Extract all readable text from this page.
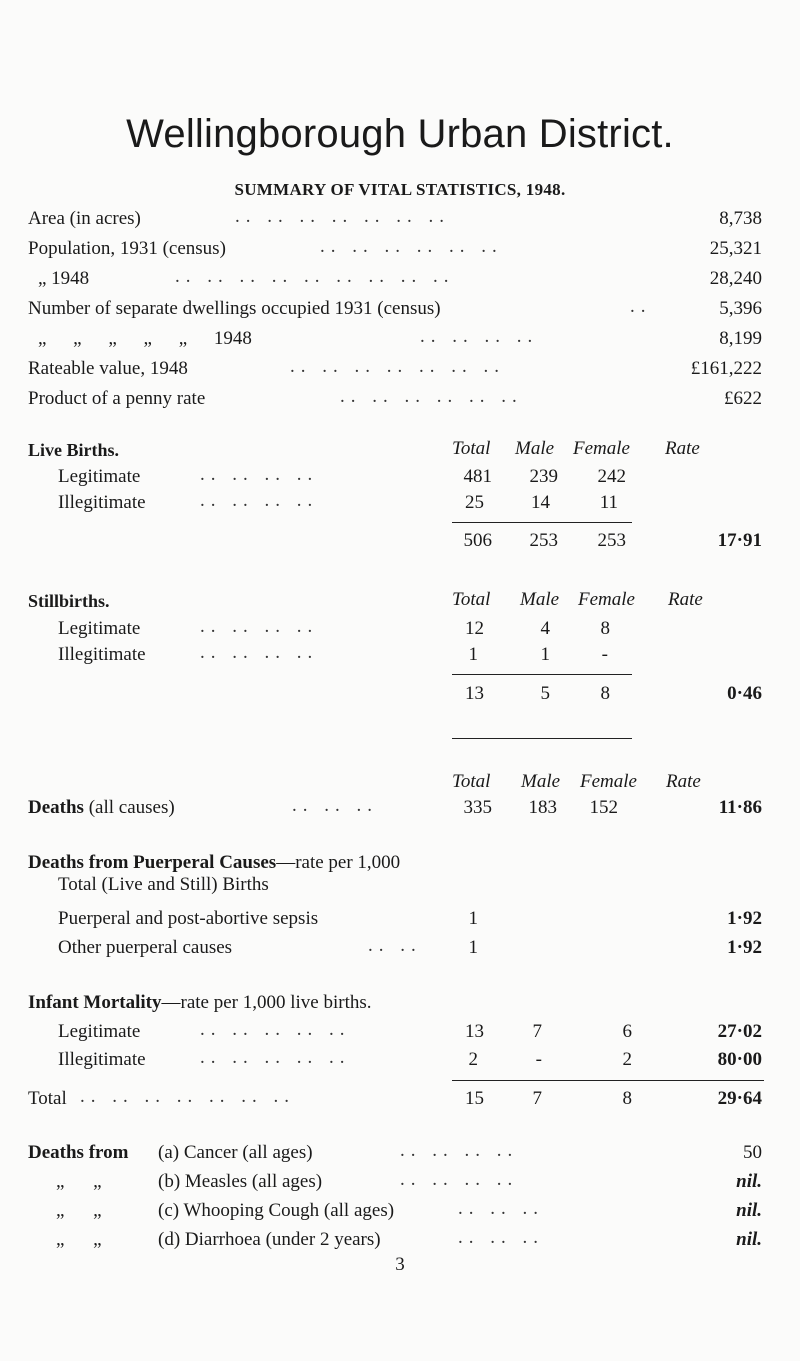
Wellingborough Urban District.
SUMMARY OF VITAL STATISTICS, 1948.
Area (in acres)	.. .. .. .. .. .. ..	8,738
Population, 1931 (census)	.. .. .. .. .. ..	25,321
„ 1948	.. .. .. .. .. .. .. .. ..	28,240
Number of separate dwellings occupied 1931 (census)	..	5,396
„ „ „ „ „ 1948	.. .. .. ..	8,199
Rateable value, 1948	.. .. .. .. .. .. ..	£161,222
Product of a penny rate	.. .. .. .. .. ..	£622
Live Births.	Total Male Female Rate
Legitimate	.. .. .. ..	481 239 242
Illegitimate	.. .. .. ..	25 14	11
506 253 253	17·91
Stillbirths.	Total Male Female Rate
Legitimate	.. .. .. ..	12	4	8
Illegitimate	.. .. .. ..	1	1	-
13	5	8	0·46
Total Male Female Rate
Deaths (all causes)	.. .. ..	335 183 152	11·86
Deaths from Puerperal Causes—rate per 1,000
Total (Live and Still) Births
Puerperal and post-abortive sepsis	1	1·92
Other puerperal causes	.. .. 1	1·92
Infant Mortality—rate per 1,000 live births.
Legitimate	.. .. .. .. ..	13	7	6	27·02
Illegitimate	.. .. .. .. ..	2	-	2	80·00
Total .. .. .. .. .. .. ..	15	7	8	29·64
Deaths from (a) Cancer (all ages)	.. .. .. ..	50
„ „	(b) Measles (all ages)	.. .. .. ..	nil.
„ „	(c) Whooping Cough (all ages)	.. .. ..	nil.
„ „	(d) Diarrhoea (under 2 years)	.. .. ..	nil.
3
